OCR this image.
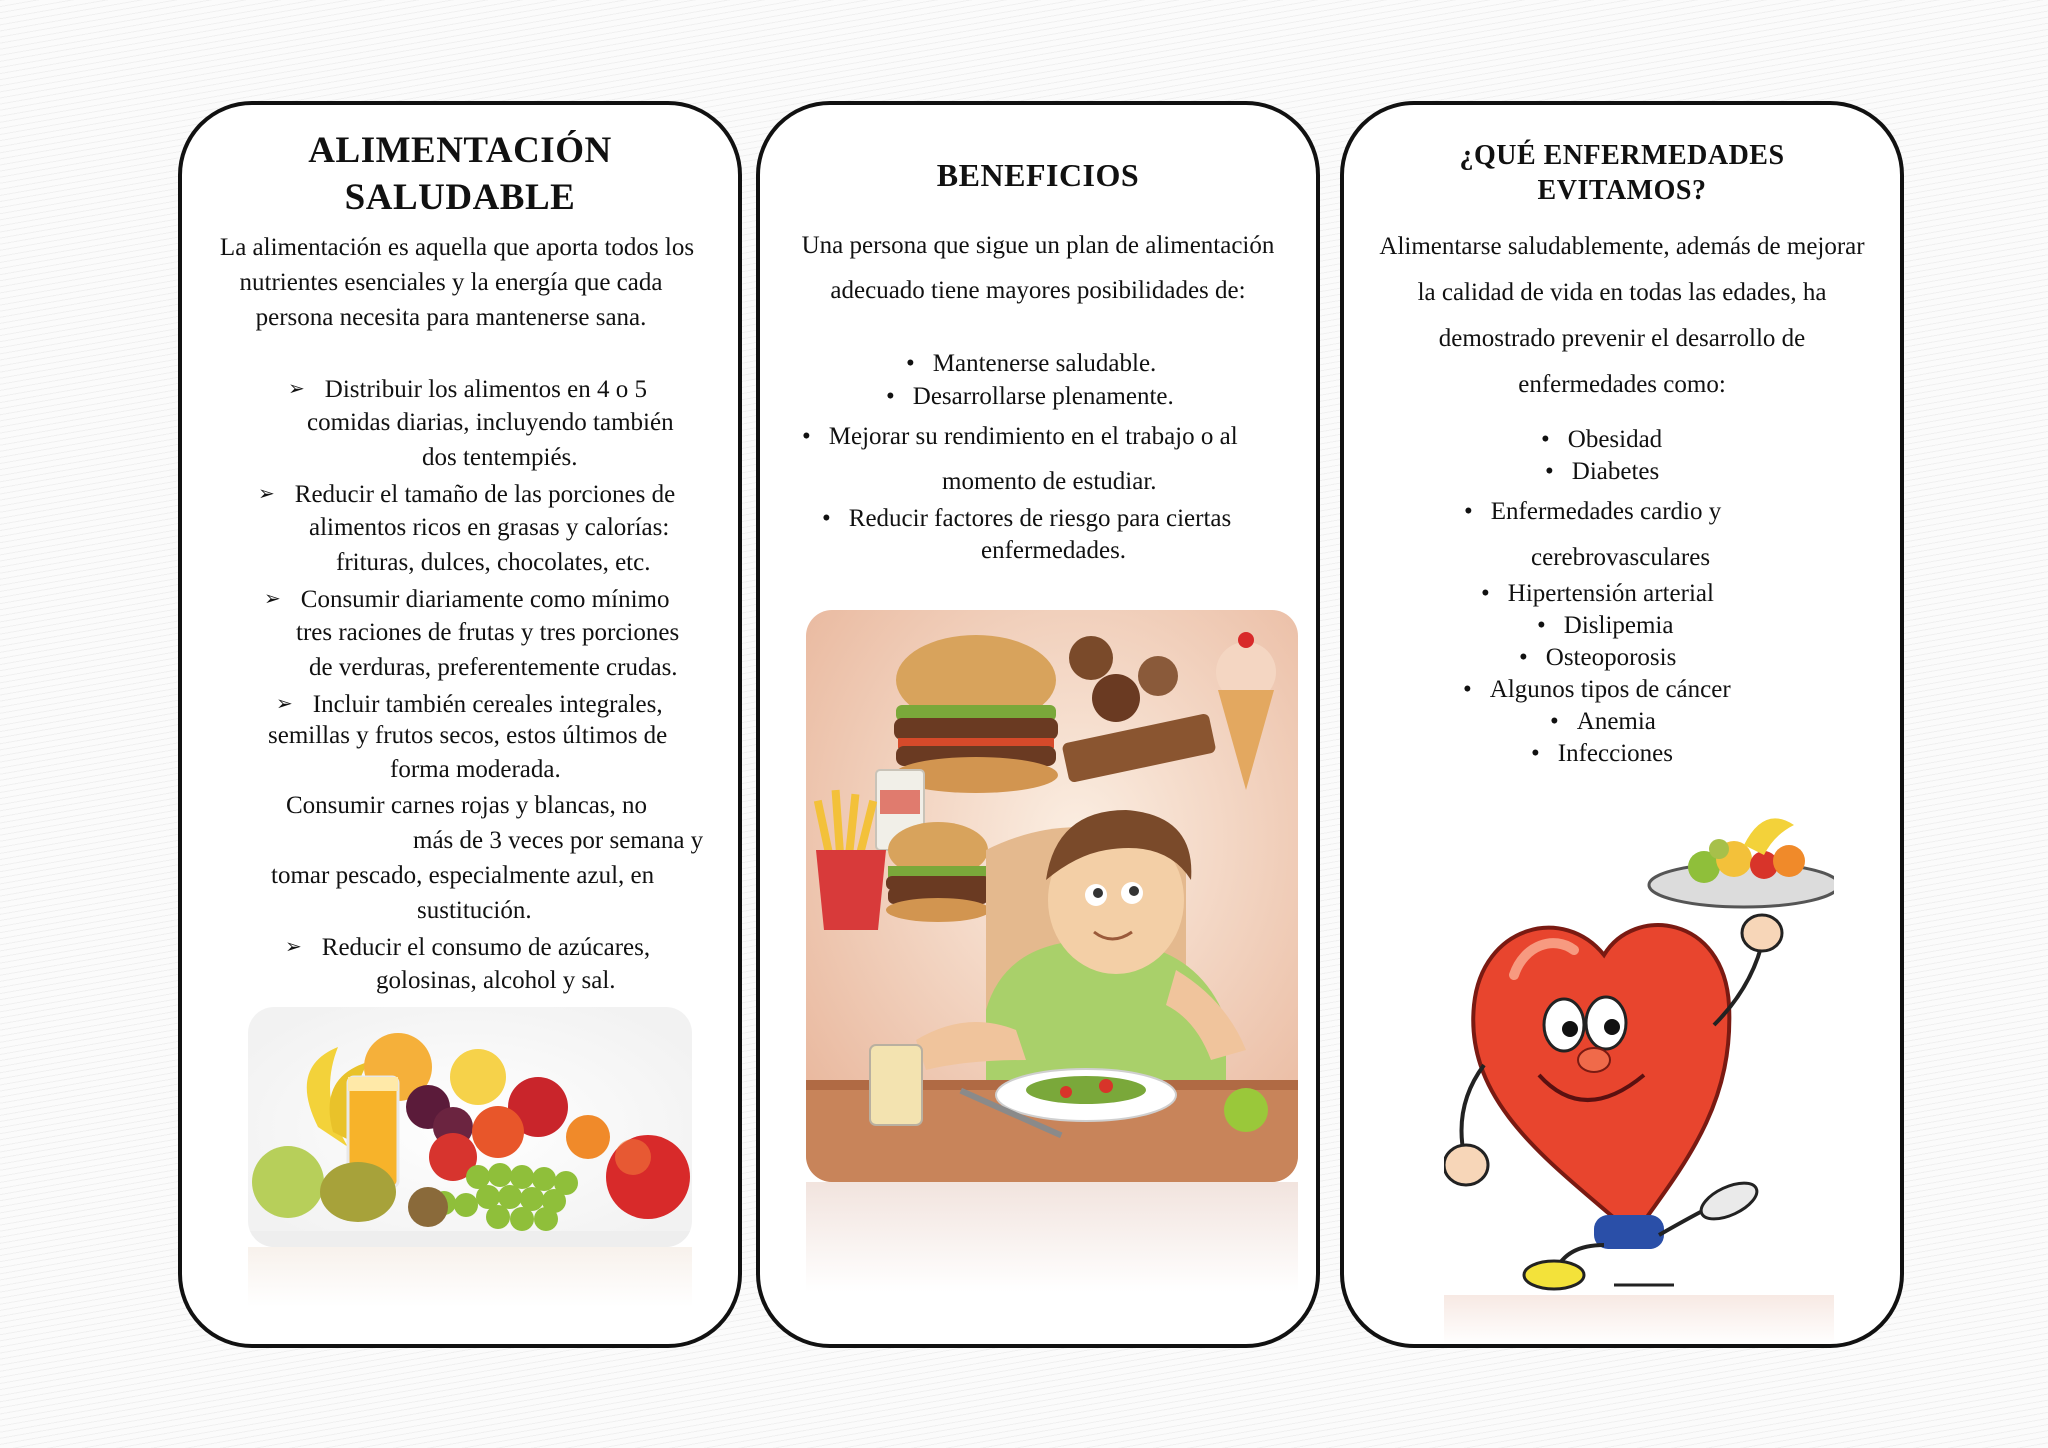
ALIMENTACIÓN
SALUDABLE
La alimentación es aquella que aporta todos los
nutrientes esenciales y la energía que cada
persona necesita para mantenerse sana.
➢ Distribuir los alimentos en 4 o 5
comidas diarias, incluyendo también
dos tentempiés.
➢ Reducir el tamaño de las porciones de
alimentos ricos en grasas y calorías:
frituras, dulces, chocolates, etc.
➢ Consumir diariamente como mínimo
tres raciones de frutas y tres porciones
de verduras, preferentemente crudas.
➢ Incluir también cereales integrales,
semillas y frutos secos, estos últimos de
forma moderada.
Consumir carnes rojas y blancas, no
más de 3 veces por semana y
tomar pescado, especialmente azul, en
sustitución.
➢ Reducir el consumo de azúcares,
golosinas, alcohol y sal.
BENEFICIOS
Una persona que sigue un plan de alimentación
adecuado tiene mayores posibilidades de:
• Mantenerse saludable.
• Desarrollarse plenamente.
• Mejorar su rendimiento en el trabajo o al
momento de estudiar.
• Reducir factores de riesgo para ciertas
enfermedades.
¿QUÉ ENFERMEDADES
EVITAMOS?
Alimentarse saludablemente, además de mejorar
la calidad de vida en todas las edades, ha
demostrado prevenir el desarrollo de
enfermedades como:
• Obesidad
• Diabetes
• Enfermedades cardio y
cerebrovasculares
• Hipertensión arterial
• Dislipemia
• Osteoporosis
• Algunos tipos de cáncer
• Anemia
• Infecciones
